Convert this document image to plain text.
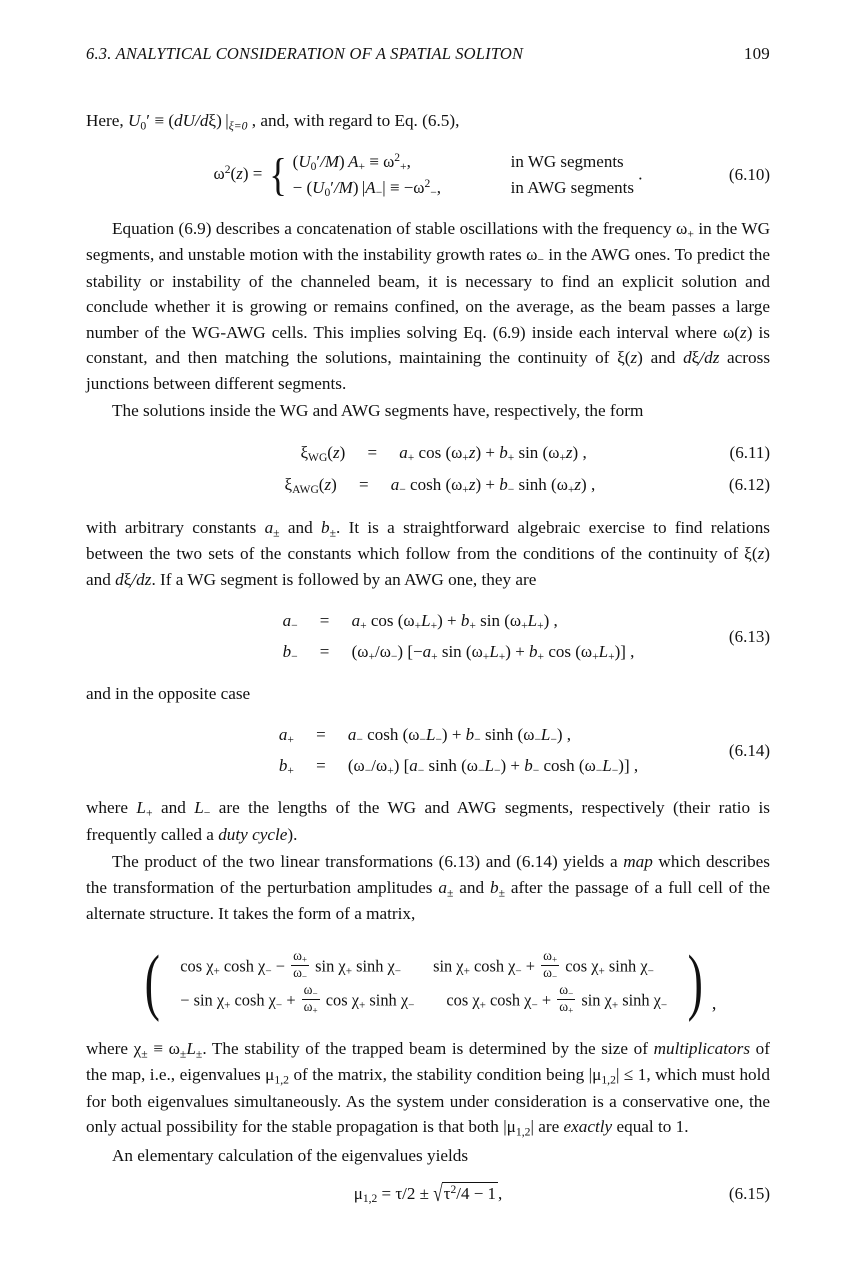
6.3. ANALYTICAL CONSIDERATION OF A SPATIAL SOLITON	109

Here, $U_0' \equiv (dU/d\xi)$ $|_{\xi=0}$ , and, with regard to Eq. (6.5),

$\omega^2(z)$ = { $(U_0'/M) A_+ \equiv \omega^2_+$,	in WG segments
− $(U_0'/M) |A_-| \equiv -\omega^2_-$,	in AWG segments
.	(6.10)

Equation (6.9) describes a concatenation of stable oscillations with the frequency $\omega_+$ in the WG segments, and unstable motion with the instability growth rates $\omega_-$ in the AWG ones. To predict the stability or instability of the channeled beam, it is necessary to find an explicit solution and conclude whether it is growing or remains confined, on the average, as the beam passes a large number of the WG-AWG cells. This implies solving Eq. (6.9) inside each interval where ω(z) is constant, and then matching the solutions, maintaining the continuity of ξ(z) and dξ/dz across junctions between different segments.

The solutions inside the WG and AWG segments have, respectively, the form

$\xi_{WG}(z)$	=	$a_+$ $\cos (\omega_+z) + b_+$ $\sin (\omega_+z)$ ,	(6.11)
$\xi_{AWG}(z)$	=	$a_-$ $\cosh (\omega_+z) + b_-$ $\sinh (\omega_+z)$ ,	(6.12)

with arbitrary constants $a_\pm$ and $b_\pm$. It is a straightforward algebraic exercise to find relations between the two sets of the constants which follow from the conditions of the continuity of ξ(z) and dξ/dz. If a WG segment is followed by an AWG one, they are

$a_-$	=	$a_+$ $\cos (\omega_+L_+) + b_+$ $\sin (\omega_+L_+)$ ,
$b_-$	=	$(\omega_+/\omega_-)$ [$-a_+$ $\sin (\omega_+L_+) + b_+$ $\cos (\omega_+L_+)$] ,
(6.13)

and in the opposite case

$a_+$	=	$a_-$ $\cosh (\omega_-L_-) + b_-$ $\sinh (\omega_-L_-)$ ,
$b_+$	=	$(\omega_-/\omega_+)$ [$a_-$ $\sinh (\omega_-L_-) + b_-$ $\cosh (\omega_-L_-)$] ,
(6.14)

where $L_+$ and $L_-$ are the lengths of the WG and AWG segments, respectively (their ratio is frequently called a duty cycle).

The product of the two linear transformations (6.13) and (6.14) yields a map which describes the transformation of the perturbation amplitudes $a_\pm$ and $b_\pm$ after the passage of a full cell of the alternate structure. It takes the form of a matrix,

(	$\cos \chi_+$ $\cosh \chi_- - \frac{\omega_+}{\omega_-}$ $\sin \chi_+$ $\sinh \chi_-$	$\sin \chi_+$ $\cosh \chi_- + \frac{\omega_+}{\omega_-}$ $\cos \chi_+$ $\sinh \chi_-$
− $\sin \chi_+$ $\cosh \chi_- + \frac{\omega_-}{\omega_+}$ $\cos \chi_+$ $\sinh \chi_-$	$\cos \chi_+$ $\cosh \chi_- + \frac{\omega_-}{\omega_+}$ $\sin \chi_+$ $\sinh \chi_-$ ) ,

where $\chi_\pm \equiv \omega_\pm L_\pm$. The stability of the trapped beam is determined by the size of multiplicators of the map, i.e., eigenvalues $\mu_{1,2}$ of the matrix, the stability condition being $|\mu_{1,2}| \le 1$, which must hold for both eigenvalues simultaneously. As the system under consideration is a conservative one, the only actual possibility for the stable propagation is that both $|\mu_{1,2}|$ are exactly equal to 1.

An elementary calculation of the eigenvalues yields

$\mu_{1,2} = \tau/2 \pm √\tau^2/4 - 1$ ,	(6.15)
